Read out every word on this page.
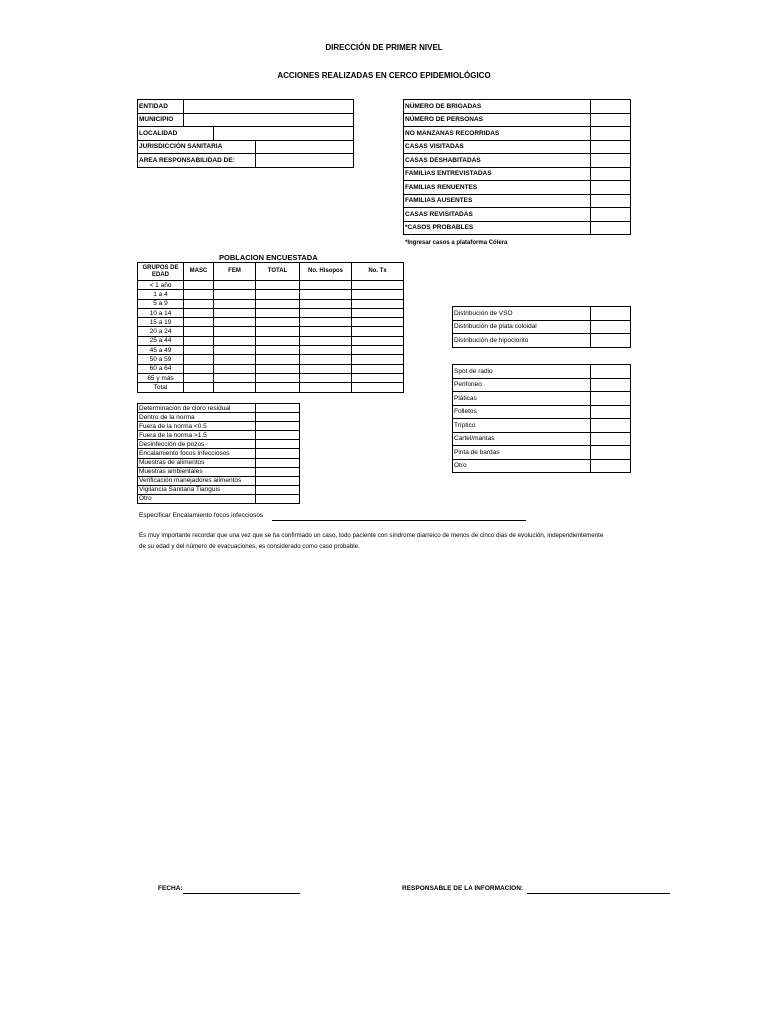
DIRECCIÓN DE PRIMER NIVEL
ACCIONES REALIZADAS EN CERCO EPIDEMIOLÓGICO
ENTIDAD			
MUNICIPIO			
LOCALIDAD			
JURISDICCIÓN SANITARIA			
AREA RESPONSABILIDAD DE:			
NÚMERO DE BRIGADAS	
NÚMERO DE PERSONAS	
NO MANZANAS RECORRIDAS	
CASAS VISITADAS	
CASAS DESHABITADAS	
FAMILIAS ENTREVISTADAS	
FAMILIAS RENUENTES	
FAMILIAS AUSENTES	
CASAS REVISITADAS	
*CASOS PROBABLES	
*Ingresar casos a plataforma Cólera
POBLACION ENCUESTADA
GRUPOS DE EDAD	MASC	FEM	TOTAL	No. Hisopos	No. Tx
< 1 año					
1 a 4					
5 a 9					
10 a 14					
15 a 19					
20 a 24					
25 a 44					
45 a 49					
50 a 59					
60 a 64					
65 y más					
Total					
Distribución de VSO	
Distribución de plata coloidal	
Distribución de hipoclorito	
Spot de radio	
Perifoneo	
Pláticas	
Folletos	
Tríptico	
Cartel/mantas	
Pinta de bardas	
Otro	
Determinación de cloro residual	
Dentro de la norma	
Fuera de la norma <0.5	
Fuera de la norma >1.5	
Desinfección de pozos	
Encalamiento focos infecciosos	
Muestras de alimentos	
Muestras ambientales	
Verificación manejadores alimentos	
Vigilancia Sanitaria Tianguis	
Otro	
Especificar Encalamiento focos infecciosos
Es muy importante recordar que una vez que se ha confirmado un caso, todo paciente con síndrome diarreico de menos de cinco dias de evolución, independientemente
de su edad y del número de evacuaciones, es considerado como caso probable.
FECHA:	RESPONSABLE DE LA INFORMACION:
